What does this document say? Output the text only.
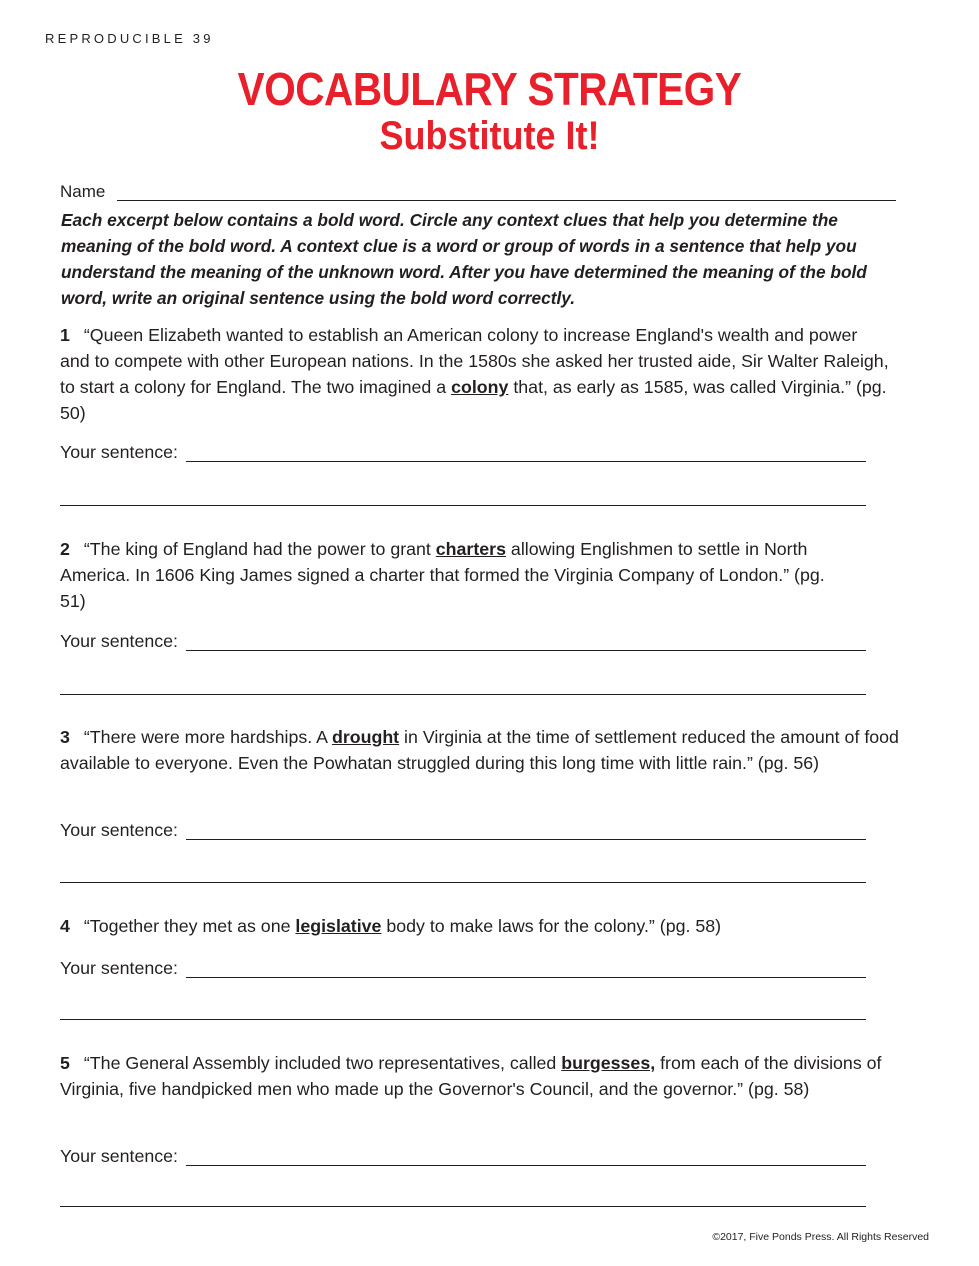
REPRODUCIBLE 39
VOCABULARY STRATEGY
Substitute It!
Name
Each excerpt below contains a bold word. Circle any context clues that help you determine the meaning of the bold word. A context clue is a word or group of words in a sentence that help you understand the meaning of the unknown word. After you have determined the meaning of the bold word, write an original sentence using the bold word correctly.
1 “Queen Elizabeth wanted to establish an American colony to increase England's wealth and power and to compete with other European nations. In the 1580s she asked her trusted aide, Sir Walter Raleigh, to start a colony for England. The two imagined a colony that, as early as 1585, was called Virginia.” (pg. 50)
Your sentence:
2 “The king of England had the power to grant charters allowing Englishmen to settle in North America. In 1606 King James signed a charter that formed the Virginia Company of London.” (pg. 51)
Your sentence:
3 “There were more hardships. A drought in Virginia at the time of settlement reduced the amount of food available to everyone. Even the Powhatan struggled during this long time with little rain.” (pg. 56)
Your sentence:
4 “Together they met as one legislative body to make laws for the colony.” (pg. 58)
Your sentence:
5 “The General Assembly included two representatives, called burgesses, from each of the divisions of Virginia, five handpicked men who made up the Governor's Council, and the governor.” (pg. 58)
Your sentence:
©2017, Five Ponds Press. All Rights Reserved
